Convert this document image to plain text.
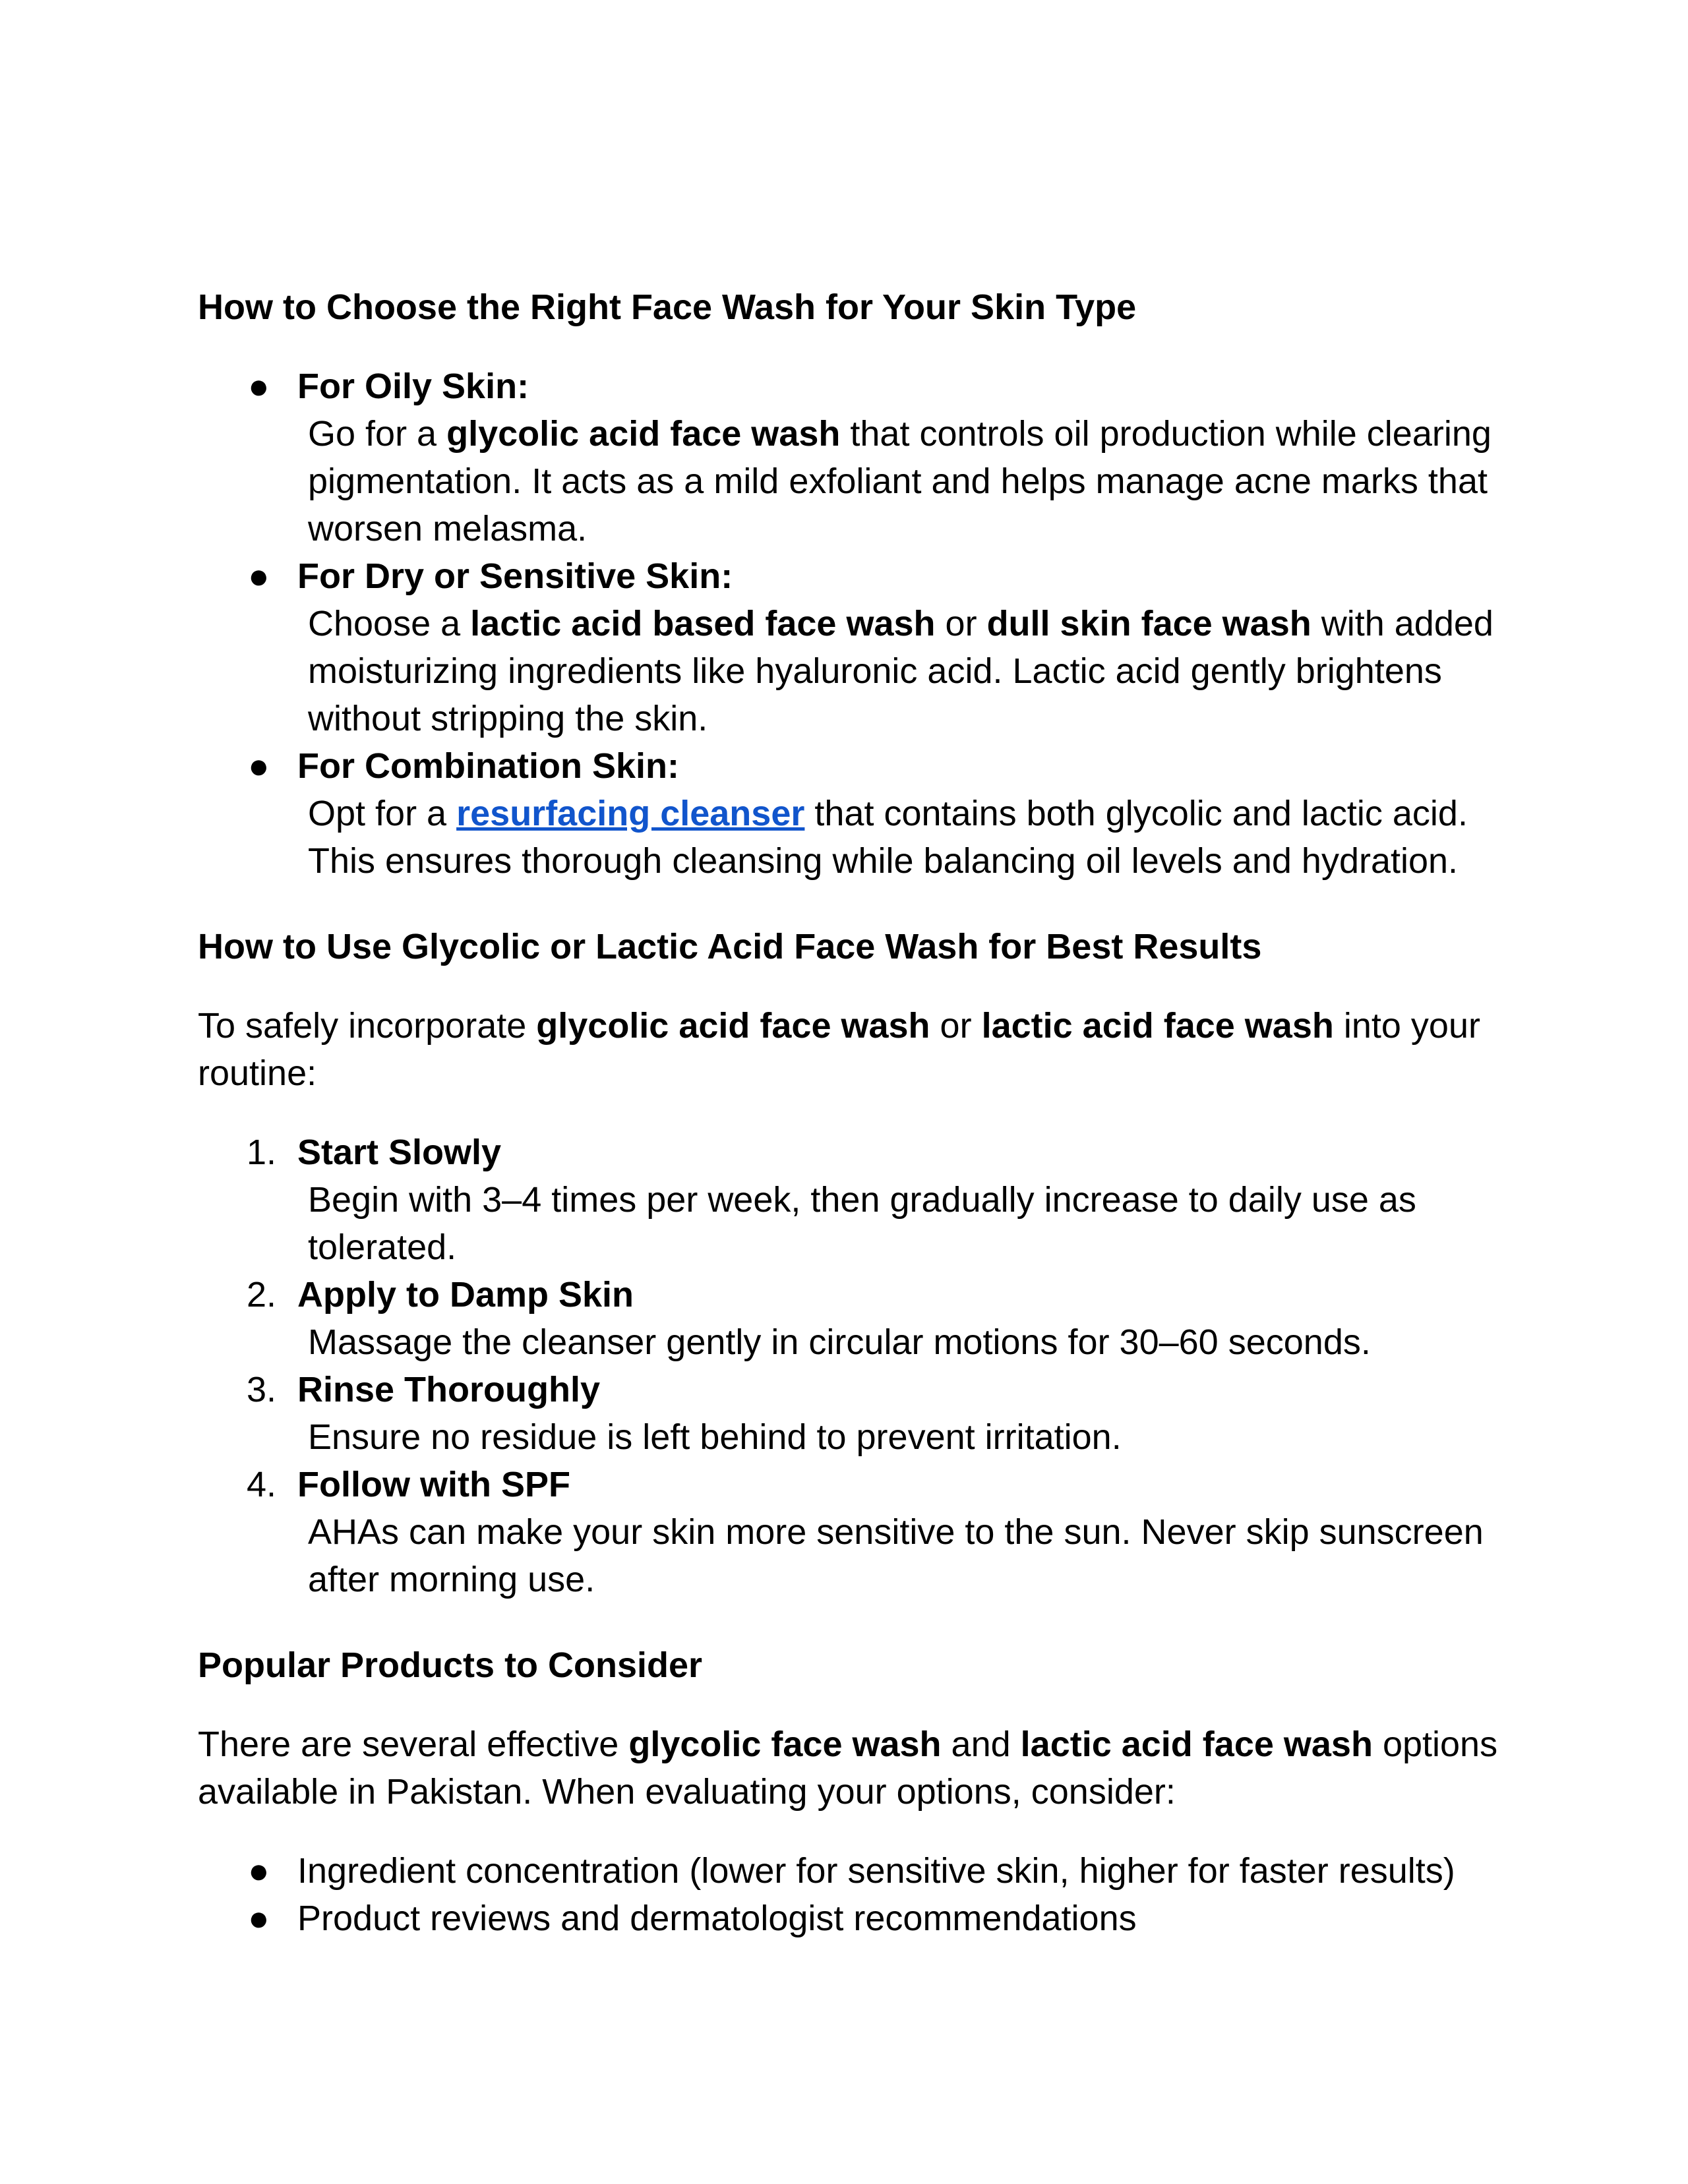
How to Choose the Right Face Wash for Your Skin Type
● For Oily Skin:
Go for a glycolic acid face wash that controls oil production while clearing pigmentation. It acts as a mild exfoliant and helps manage acne marks that worsen melasma.
● For Dry or Sensitive Skin:
Choose a lactic acid based face wash or dull skin face wash with added moisturizing ingredients like hyaluronic acid. Lactic acid gently brightens without stripping the skin.
● For Combination Skin:
Opt for a resurfacing cleanser that contains both glycolic and lactic acid. This ensures thorough cleansing while balancing oil levels and hydration.
How to Use Glycolic or Lactic Acid Face Wash for Best Results

To safely incorporate glycolic acid face wash or lactic acid face wash into your routine:

1. Start Slowly
Begin with 3–4 times per week, then gradually increase to daily use as tolerated.
2. Apply to Damp Skin
Massage the cleanser gently in circular motions for 30–60 seconds.
3. Rinse Thoroughly
Ensure no residue is left behind to prevent irritation.
4. Follow with SPF
AHAs can make your skin more sensitive to the sun. Never skip sunscreen after morning use.
Popular Products to Consider

There are several effective glycolic face wash and lactic acid face wash options available in Pakistan. When evaluating your options, consider:

● Ingredient concentration (lower for sensitive skin, higher for faster results)
● Product reviews and dermatologist recommendations
